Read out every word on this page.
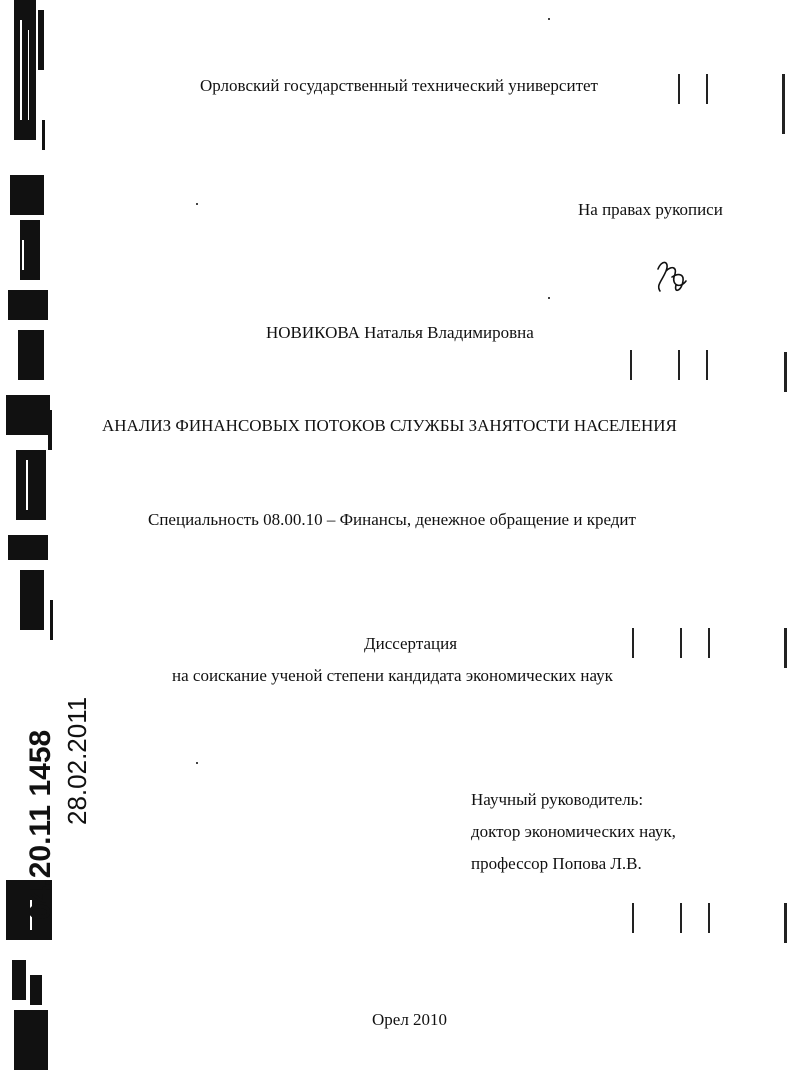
04.20.11 1458 28.02.2011
Орловский государственный технический университет
На правах рукописи
НОВИКОВА Наталья Владимировна
АНАЛИЗ ФИНАНСОВЫХ ПОТОКОВ СЛУЖБЫ ЗАНЯТОСТИ НАСЕЛЕНИЯ
Специальность 08.00.10 – Финансы, денежное обращение и кредит
Диссертация
на соискание ученой степени кандидата экономических наук
Научный руководитель:
доктор экономических наук,
профессор Попова Л.В.
Орел 2010
